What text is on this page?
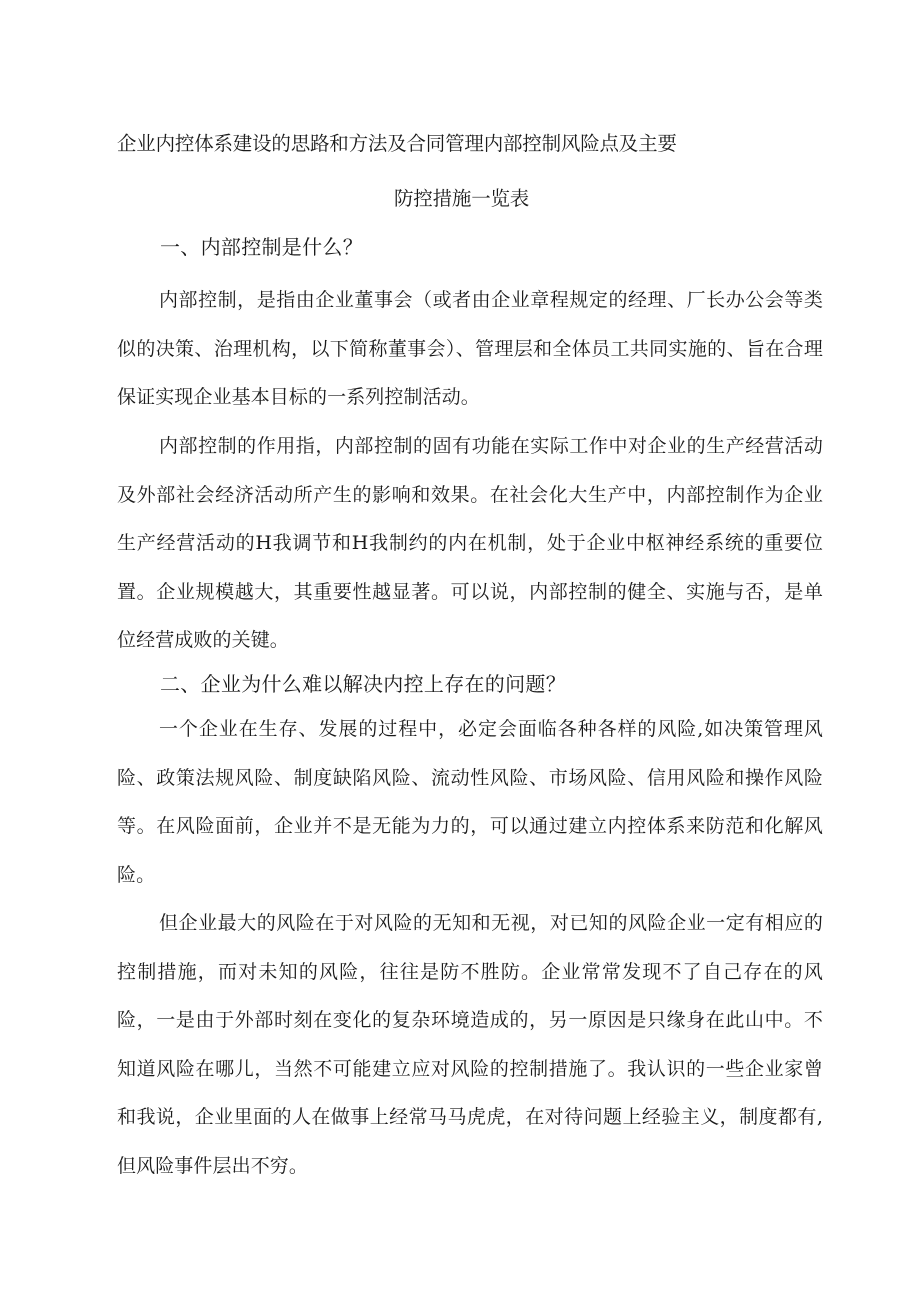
企业内控体系建设的思路和方法及合同管理内部控制风险点及主要
防控措施一览表
一、内部控制是什么？

内部控制，是指由企业董事会（或者由企业章程规定的经理、厂长办公会等类似的决策、治理机构，以下简称董事会）、管理层和全体员工共同实施的、旨在合理保证实现企业基本目标的一系列控制活动。

内部控制的作用指，内部控制的固有功能在实际工作中对企业的生产经营活动及外部社会经济活动所产生的影响和效果。在社会化大生产中，内部控制作为企业生产经营活动的H我调节和H我制约的内在机制，处于企业中枢神经系统的重要位置。企业规模越大，其重要性越显著。可以说，内部控制的健全、实施与否，是单位经营成败的关键。

二、企业为什么难以解决内控上存在的问题？

一个企业在生存、发展的过程中，必定会面临各种各样的风险,如决策管理风险、政策法规风险、制度缺陷风险、流动性风险、市场风险、信用风险和操作风险等。在风险面前，企业并不是无能为力的，可以通过建立内控体系来防范和化解风险。

但企业最大的风险在于对风险的无知和无视，对已知的风险企业一定有相应的控制措施，而对未知的风险，往往是防不胜防。企业常常发现不了自己存在的风险，一是由于外部时刻在变化的复杂环境造成的，另一原因是只缘身在此山中。不知道风险在哪儿，当然不可能建立应对风险的控制措施了。我认识的一些企业家曾和我说，企业里面的人在做事上经常马马虎虎，在对待问题上经验主义，制度都有,但风险事件层出不穷。
